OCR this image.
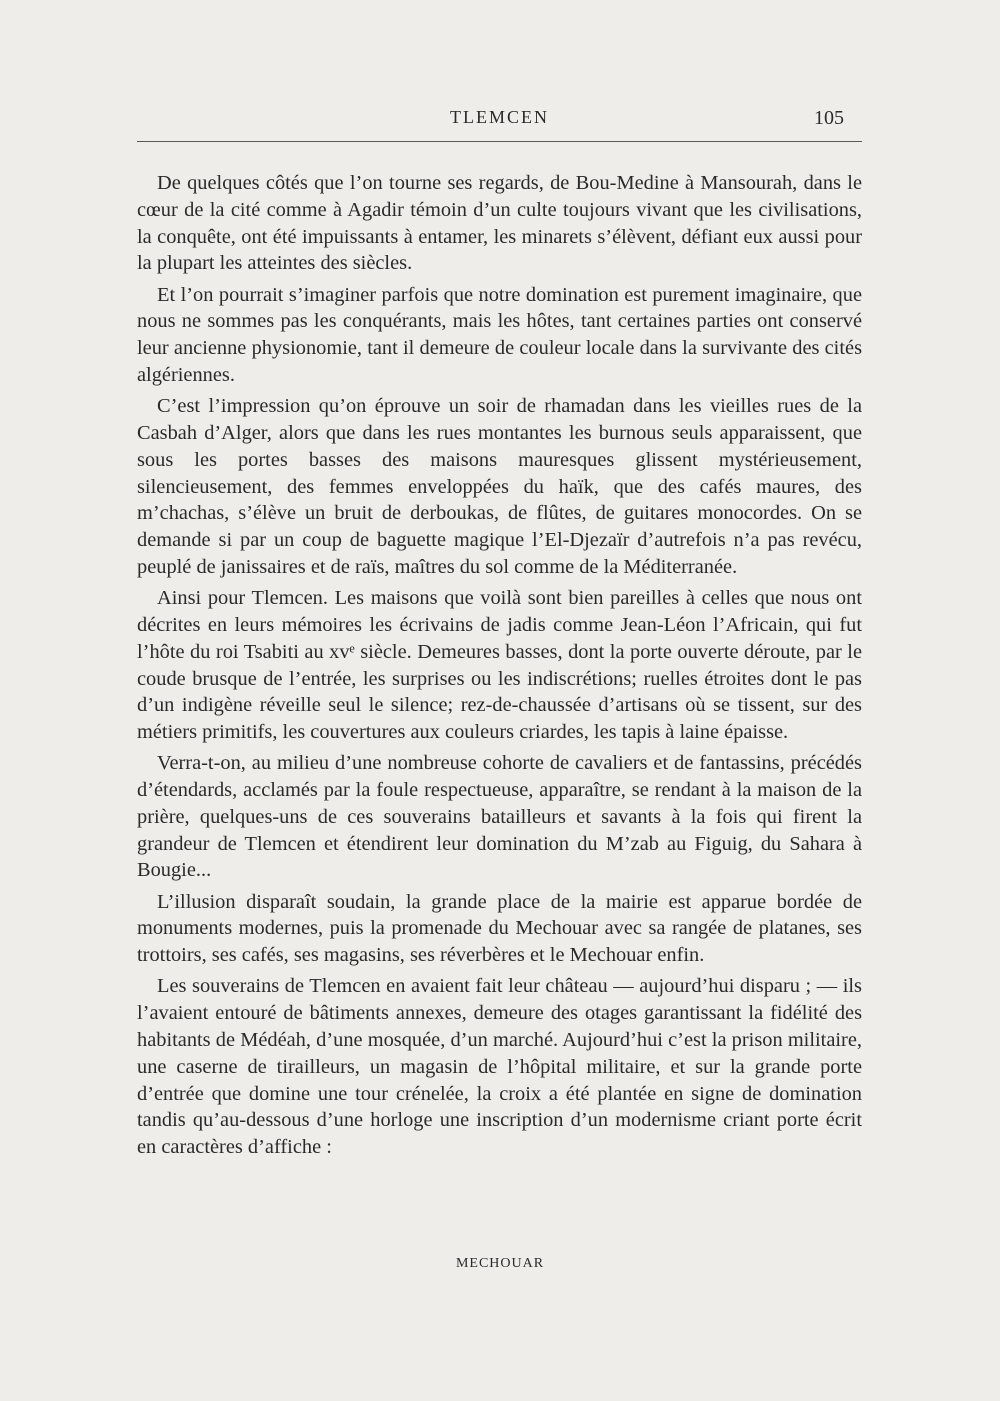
TLEMCEN	105

De quelques côtés que l’on tourne ses regards, de Bou-Medine à Mansourah, dans le cœur de la cité comme à Agadir témoin d’un culte toujours vivant que les civilisations, la conquête, ont été impuissants à entamer, les minarets s’élèvent, défiant eux aussi pour la plupart les atteintes des siècles.

Et l’on pourrait s’imaginer parfois que notre domination est purement imaginaire, que nous ne sommes pas les conquérants, mais les hôtes, tant certaines parties ont conservé leur ancienne physionomie, tant il demeure de couleur locale dans la survivante des cités algériennes.

C’est l’impression qu’on éprouve un soir de rhamadan dans les vieilles rues de la Casbah d’Alger, alors que dans les rues montantes les burnous seuls apparaissent, que sous les portes basses des maisons mauresques glissent mystérieusement, silencieusement, des femmes enveloppées du haïk, que des cafés maures, des m’chachas, s’élève un bruit de derboukas, de flûtes, de guitares monocordes. On se demande si par un coup de baguette magique l’El-Djezaïr d’autrefois n’a pas revécu, peuplé de janissaires et de raïs, maîtres du sol comme de la Méditerranée.

Ainsi pour Tlemcen. Les maisons que voilà sont bien pareilles à celles que nous ont décrites en leurs mémoires les écrivains de jadis comme Jean-Léon l’Africain, qui fut l’hôte du roi Tsabiti au xvᵉ siècle. Demeures basses, dont la porte ouverte déroute, par le coude brusque de l’entrée, les surprises ou les indiscrétions; ruelles étroites dont le pas d’un indigène réveille seul le silence; rez-de-chaussée d’artisans où se tissent, sur des métiers primitifs, les couvertures aux couleurs criardes, les tapis à laine épaisse.

Verra-t-on, au milieu d’une nombreuse cohorte de cavaliers et de fantassins, précédés d’étendards, acclamés par la foule respectueuse, apparaître, se rendant à la maison de la prière, quelques-uns de ces souverains batailleurs et savants à la fois qui firent la grandeur de Tlemcen et étendirent leur domination du M’zab au Figuig, du Sahara à Bougie...

L’illusion disparaît soudain, la grande place de la mairie est apparue bordée de monuments modernes, puis la promenade du Mechouar avec sa rangée de platanes, ses trottoirs, ses cafés, ses magasins, ses réverbères et le Mechouar enfin.

Les souverains de Tlemcen en avaient fait leur château — aujourd’hui disparu ; — ils l’avaient entouré de bâtiments annexes, demeure des otages garantissant la fidélité des habitants de Médéah, d’une mosquée, d’un marché. Aujourd’hui c’est la prison militaire, une caserne de tirailleurs, un magasin de l’hôpital militaire, et sur la grande porte d’entrée que domine une tour crénelée, la croix a été plantée en signe de domination tandis qu’au-dessous d’une horloge une inscription d’un modernisme criant porte écrit en caractères d’affiche :

MECHOUAR
